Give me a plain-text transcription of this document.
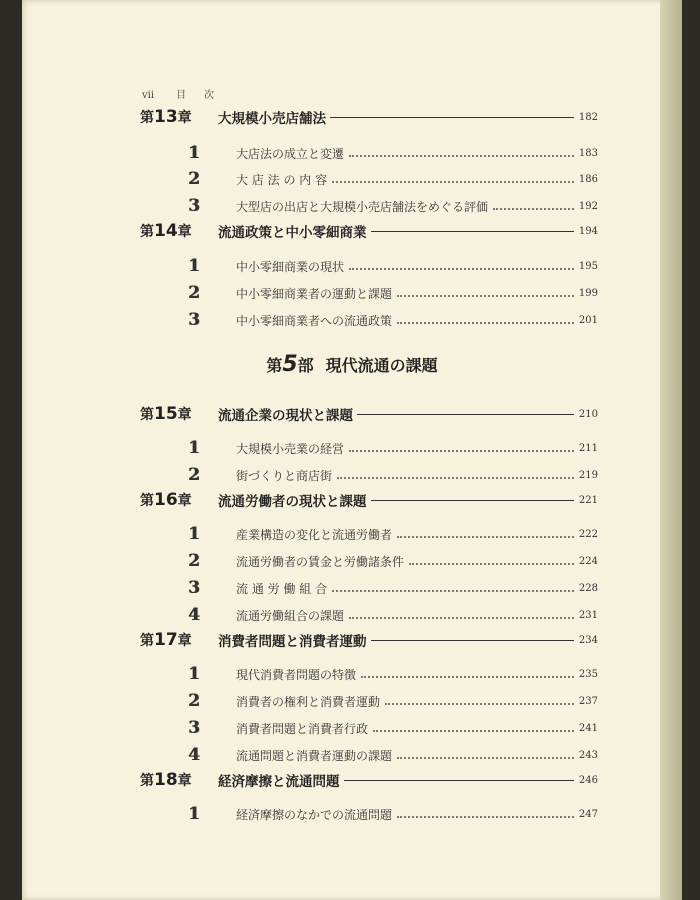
vii 目 次
第13章	大規模小売店舗法	182
1	大店法の成立と変遷	183
2	大 店 法 の 内 容	186
3	大型店の出店と大規模小売店舗法をめぐる評価	192
第14章	流通政策と中小零細商業	194
1	中小零細商業の現状	195
2	中小零細商業者の運動と課題	199
3	中小零細商業者への流通政策	201
第5部 現代流通の課題
第15章	流通企業の現状と課題	210
1	大規模小売業の経営	211
2	街づくりと商店街	219
第16章	流通労働者の現状と課題	221
1	産業構造の変化と流通労働者	222
2	流通労働者の賃金と労働諸条件	224
3	流 通 労 働 組 合	228
4	流通労働組合の課題	231
第17章	消費者問題と消費者運動	234
1	現代消費者問題の特徴	235
2	消費者の権利と消費者運動	237
3	消費者問題と消費者行政	241
4	流通問題と消費者運動の課題	243
第18章	経済摩擦と流通問題	246
1	経済摩擦のなかでの流通問題	247
